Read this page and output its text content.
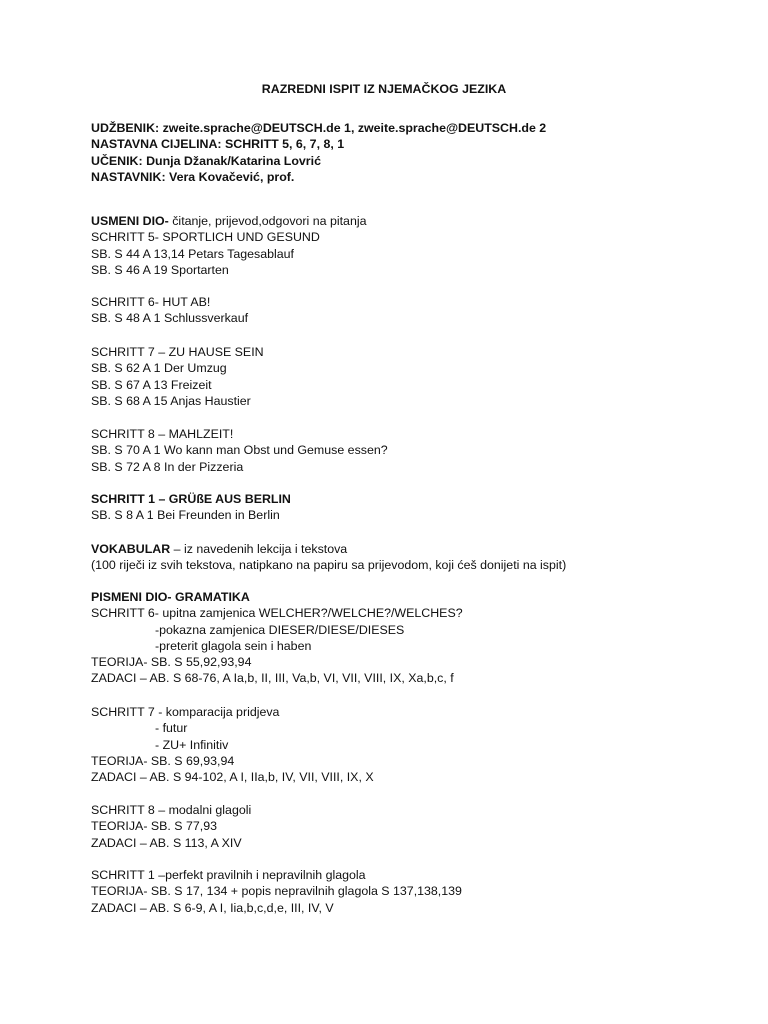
RAZREDNI ISPIT IZ NJEMAČKOG JEZIKA
UDŽBENIK: zweite.sprache@DEUTSCH.de 1, zweite.sprache@DEUTSCH.de 2
NASTAVNA CIJELINA: SCHRITT 5, 6, 7, 8, 1
UČENIK: Dunja Džanak/Katarina Lovrić
NASTAVNIK: Vera Kovačević, prof.
USMENI DIO- čitanje, prijevod,odgovori na pitanja
SCHRITT 5- SPORTLICH UND GESUND
SB. S 44 A 13,14 Petars Tagesablauf
SB. S 46 A 19 Sportarten
SCHRITT 6- HUT AB!
SB. S 48 A 1 Schlussverkauf
SCHRITT 7 – ZU HAUSE SEIN
SB. S 62 A 1 Der Umzug
SB. S 67 A 13 Freizeit
SB. S 68 A 15 Anjas Haustier
SCHRITT 8 – MAHLZEIT!
SB. S 70 A 1 Wo kann man Obst und Gemuse essen?
SB. S 72 A 8 In der Pizzeria
SCHRITT 1 – GRÜßE AUS BERLIN
SB. S 8 A 1 Bei Freunden in Berlin
VOKABULAR – iz navedenih lekcija i tekstova
(100 riječi iz svih tekstova, natipkano na papiru sa prijevodom, koji ćeš donijeti na ispit)
PISMENI DIO- GRAMATIKA
SCHRITT 6- upitna zamjenica WELCHER?/WELCHE?/WELCHES?
-pokazna zamjenica DIESER/DIESE/DIESES
-preterit glagola sein i haben
TEORIJA- SB. S 55,92,93,94
ZADACI – AB. S 68-76, A Ia,b, II, III, Va,b, VI, VII, VIII, IX, Xa,b,c, f
SCHRITT 7 - komparacija pridjeva
- futur
- ZU+ Infinitiv
TEORIJA- SB. S 69,93,94
ZADACI – AB. S 94-102, A I, IIa,b, IV, VII, VIII, IX, X
SCHRITT 8 – modalni glagoli
TEORIJA- SB. S 77,93
ZADACI – AB. S 113, A XIV
SCHRITT 1 –perfekt pravilnih i nepravilnih glagola
TEORIJA- SB. S 17, 134 + popis nepravilnih glagola S 137,138,139
ZADACI – AB. S 6-9, A I, Iia,b,c,d,e, III, IV, V
